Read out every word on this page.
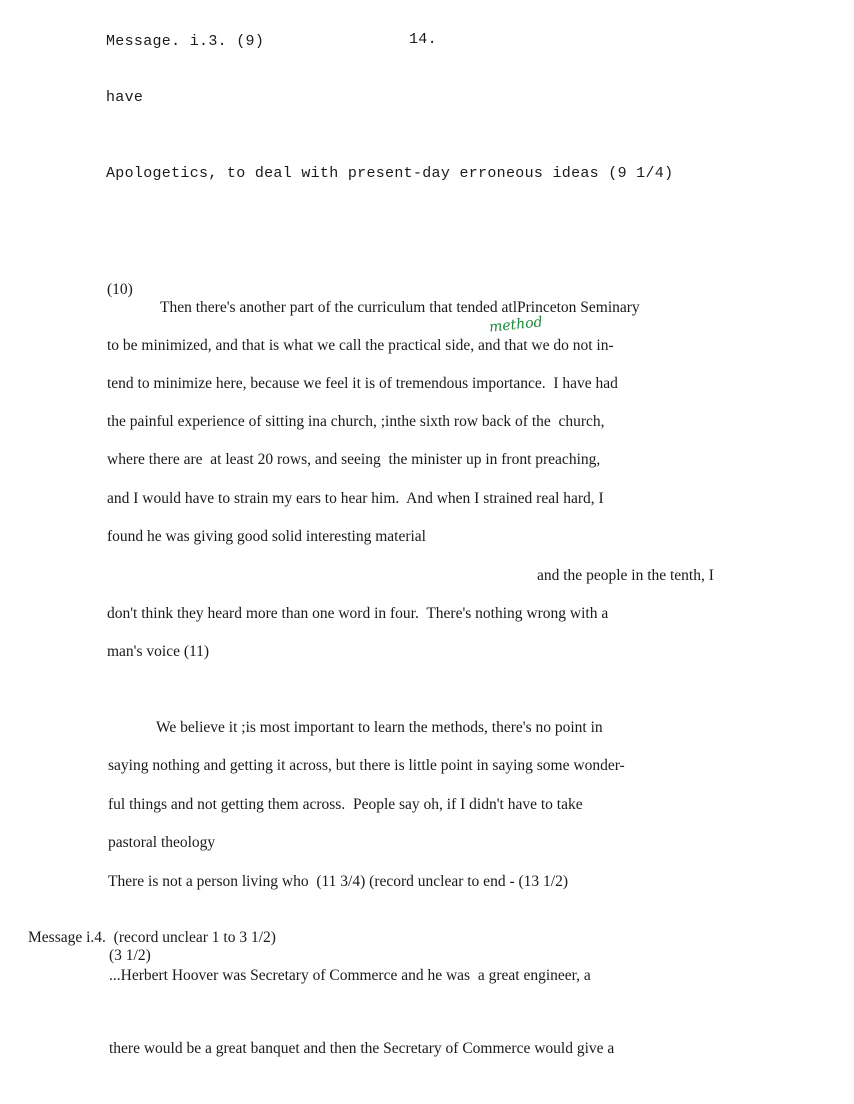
Message. i.3. (9)	14.
have
Apologetics, to deal with present-day erroneous ideas (9 1/4)
(10)
Then there's another part of the curriculum that tended atlPrinceton Seminary
method
to be minimized, and that is what we call the practical side, and that we do not in-
tend to minimize here, because we feel it is of tremendous importance.  I have had
the painful experience of sitting ina church, ;inthe sixth row back of the  church,
where there are  at least 20 rows, and seeing  the minister up in front preaching,
and I would have to strain my ears to hear him.  And when I strained real hard, I
found he was giving good solid interesting material
and the people in the tenth, I
don't think they heard more than one word in four.  There's nothing wrong with a
man's voice (11)
We believe it ;is most important to learn the methods, there's no point in
saying nothing and getting it across, but there is little point in saying some wonder-
ful things and not getting them across.  People say oh, if I didn't have to take
pastoral theology
There is not a person living who  (11 3/4) (record unclear to end - (13 1/2)
Message i.4.  (record unclear 1 to 3 1/2)
(3 1/2)
...Herbert Hoover was Secretary of Commerce and he was  a great engineer, a
there would be a great banquet and then the Secretary of Commerce would give a
